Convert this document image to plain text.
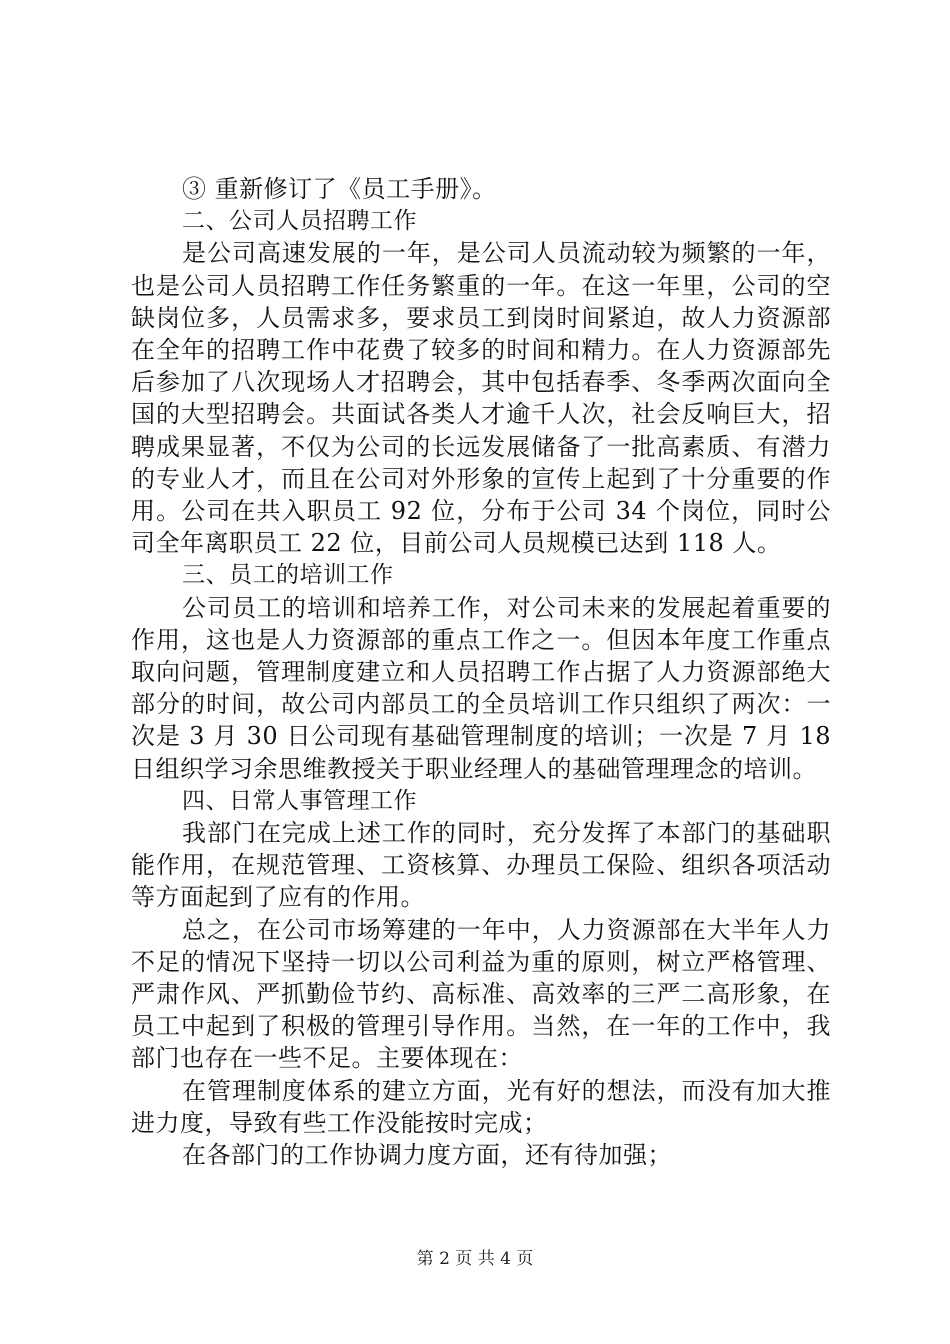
③ 重新修订了《员工手册》。

二、公司人员招聘工作

是公司高速发展的一年，是公司人员流动较为频繁的一年，也是公司人员招聘工作任务繁重的一年。在这一年里，公司的空缺岗位多，人员需求多，要求员工到岗时间紧迫，故人力资源部在全年的招聘工作中花费了较多的时间和精力。在人力资源部先后参加了八次现场人才招聘会，其中包括春季、冬季两次面向全国的大型招聘会。共面试各类人才逾千人次，社会反响巨大，招聘成果显著，不仅为公司的长远发展储备了一批高素质、有潜力的专业人才，而且在公司对外形象的宣传上起到了十分重要的作用。公司在共入职员工 92 位，分布于公司 34 个岗位，同时公司全年离职员工 22 位，目前公司人员规模已达到 118 人。

三、员工的培训工作

公司员工的培训和培养工作，对公司未来的发展起着重要的作用，这也是人力资源部的重点工作之一。但因本年度工作重点取向问题，管理制度建立和人员招聘工作占据了人力资源部绝大部分的时间，故公司内部员工的全员培训工作只组织了两次：一次是 3 月 30 日公司现有基础管理制度的培训；一次是 7 月 18 日组织学习余思维教授关于职业经理人的基础管理理念的培训。

四、日常人事管理工作

我部门在完成上述工作的同时，充分发挥了本部门的基础职能作用，在规范管理、工资核算、办理员工保险、组织各项活动等方面起到了应有的作用。

总之，在公司市场筹建的一年中，人力资源部在大半年人力不足的情况下坚持一切以公司利益为重的原则，树立严格管理、严肃作风、严抓勤俭节约、高标准、高效率的三严二高形象，在员工中起到了积极的管理引导作用。当然，在一年的工作中，我部门也存在一些不足。主要体现在：

在管理制度体系的建立方面，光有好的想法，而没有加大推进力度，导致有些工作没能按时完成；

在各部门的工作协调力度方面，还有待加强；

第 2 页 共 4 页
